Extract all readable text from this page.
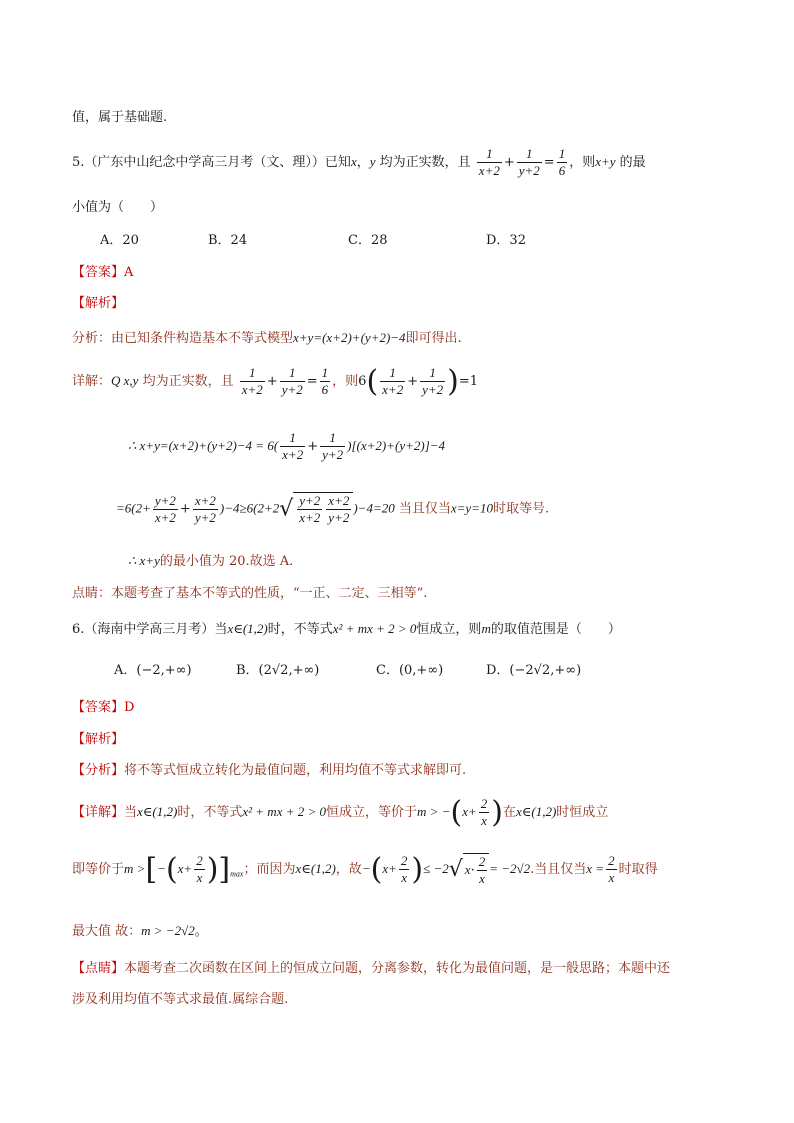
值，属于基础题.
5.（广东中山纪念中学高三月考（文、理））已知x，y 均为正实数，且 $\frac{1}{x+2} + \frac{1}{y+2} = \frac{1}{6}$ ，则x+y 的最
小值为（　　）
A．20	B．24	C．28	D．32
【答案】A
【解析】
分析：由已知条件构造基本不等式模型x+y=(x+2)+(y+2)−4即可得出.
详解：Q x,y 均为正实数，且 $\frac{1}{x+2} + \frac{1}{y+2} = \frac{1}{6}$ ，则$6( \frac{1}{x+2} + \frac{1}{y+2} )=1$
∴ $x+y=(x+2)+(y+2)-4 = 6( \frac{1}{x+2} + \frac{1}{y+2} )[(x+2)+(y+2)]-4$
$=6(2+ \frac{y+2}{x+2} + \frac{x+2}{y+2} )-4\ge 6(2+2√ \frac{y+2}{x+2} \frac{x+2}{y+2} )-4=20$ 当且仅当x=y=10时取等号.
∴ x+y的最小值为 20.故选 A.
点睛：本题考查了基本不等式的性质，“一正、二定、三相等”.
6.（海南中学高三月考）当x∈(1,2)时，不等式x² + mx + 2 > 0恒成立，则m的取值范围是（　　）
A．(−2,+∞)	B．(2√2,+∞)	C．(0,+∞)	D．(−2√2,+∞)
【答案】D
【解析】
【分析】将不等式恒成立转化为最值问题，利用均值不等式求解即可.
【详解】当x∈(1,2)时，不等式x² + mx + 2 > 0恒成立，等价于$m > -(x+ \frac{2}{x}$ )在x∈(1,2)时恒成立
即等价于$m >[-(x+ \frac{2}{x} )]_{max}$；而因为x∈(1,2)，故$-(x+ \frac{2}{x}$ )≤ −2√ $x\cdot \frac{2}{x} = -2√2$.当且仅当$x = \frac{2}{x}$ 时取得
最大值 故：m > −2√2。
【点睛】本题考查二次函数在区间上的恒成立问题，分离参数，转化为最值问题，是一般思路；本题中还
涉及利用均值不等式求最值.属综合题.
